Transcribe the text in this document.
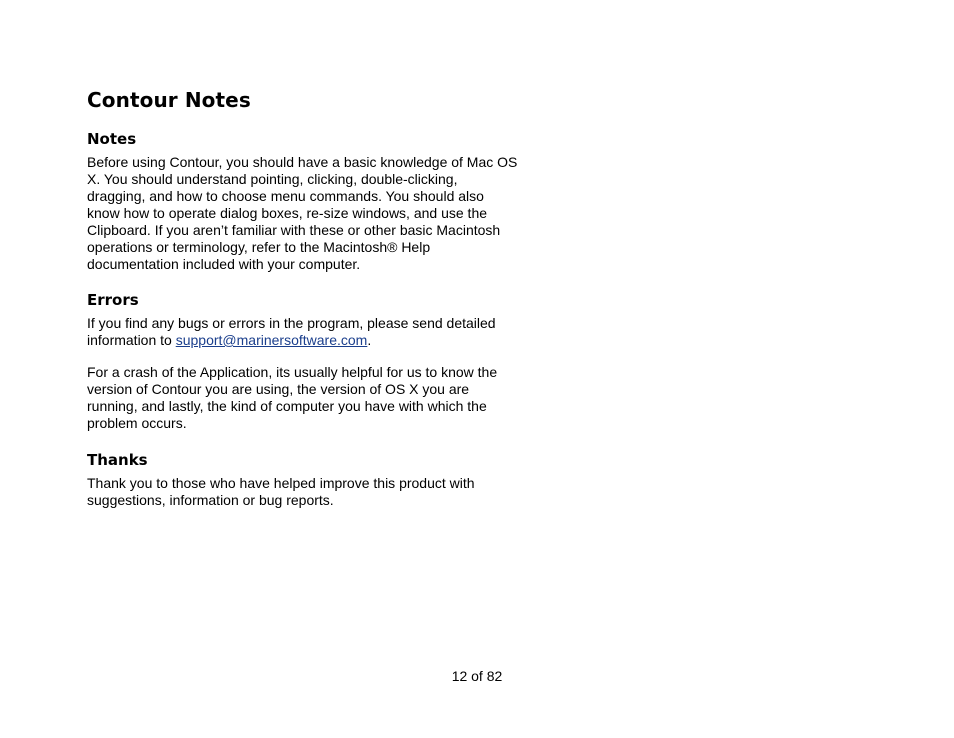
Contour Notes
Notes

Before using Contour, you should have a basic knowledge of Mac OS X. You should understand pointing, clicking, double-clicking, dragging, and how to choose menu commands. You should also know how to operate dialog boxes, re-size windows, and use the Clipboard. If you aren’t familiar with these or other basic Macintosh operations or terminology, refer to the Macintosh® Help documentation included with your computer.

Errors

If you find any bugs or errors in the program, please send detailed information to support@marinersoftware.com.

For a crash of the Application, its usually helpful for us to know the version of Contour you are using, the version of OS X you are running, and lastly, the kind of computer you have with which the problem occurs.

Thanks

Thank you to those who have helped improve this product with suggestions, information or bug reports.

12 of 82
